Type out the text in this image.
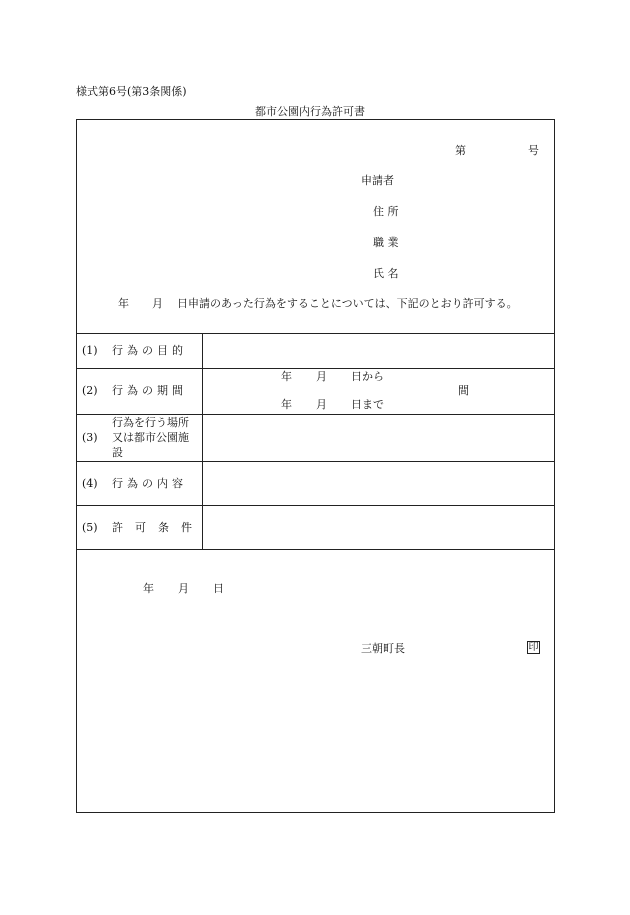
様式第6号(第3条関係)
都市公園内行為許可書
第	号
申請者
住 所
職 業
氏 名
年 月 日申請のあった行為をすることについては、下記のとおり許可する。
(1) 行為の目的
(2) 行為の期間
年 月 日から
年 月 日まで
間
(3)
行為を行う場所
又は都市公園施
設
(4) 行為の内容
(5) 許可条件
年 月 日
三朝町長	印
